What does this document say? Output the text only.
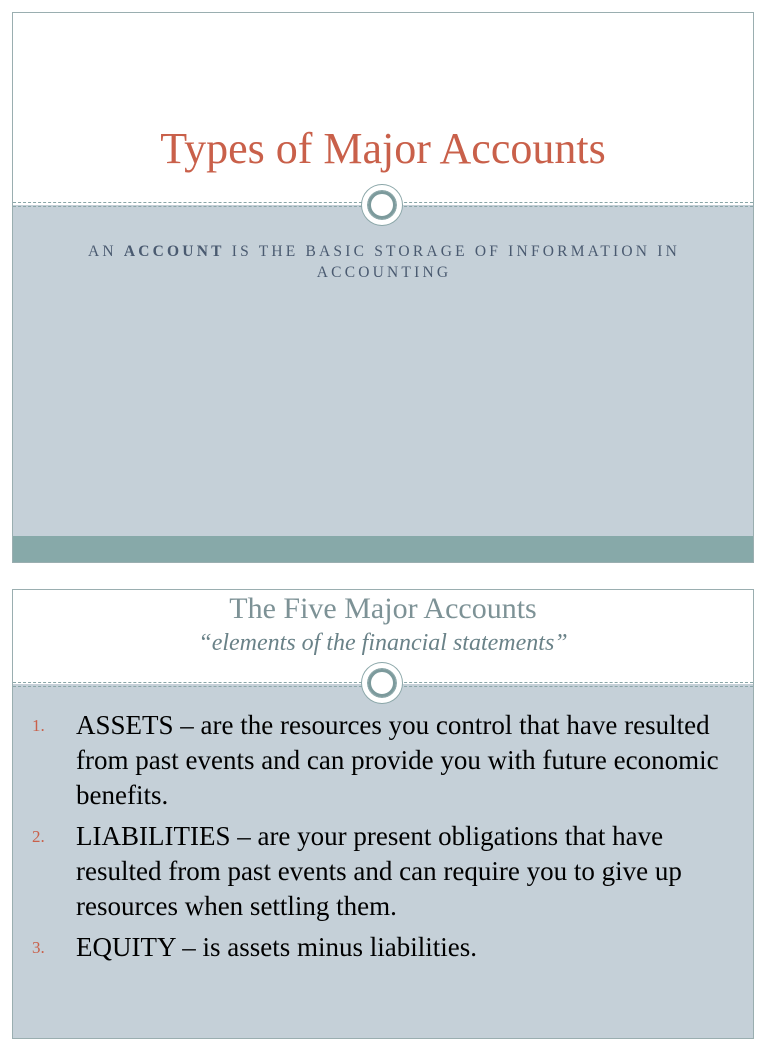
Types of Major Accounts
AN ACCOUNT IS THE BASIC STORAGE OF INFORMATION IN ACCOUNTING
The Five Major Accounts

“elements of the financial statements”

1. ASSETS – are the resources you control that have resulted from past events and can provide you with future economic benefits.
2. LIABILITIES – are your present obligations that have resulted from past events and can require you to give up resources when settling them.
3. EQUITY – is assets minus liabilities.
